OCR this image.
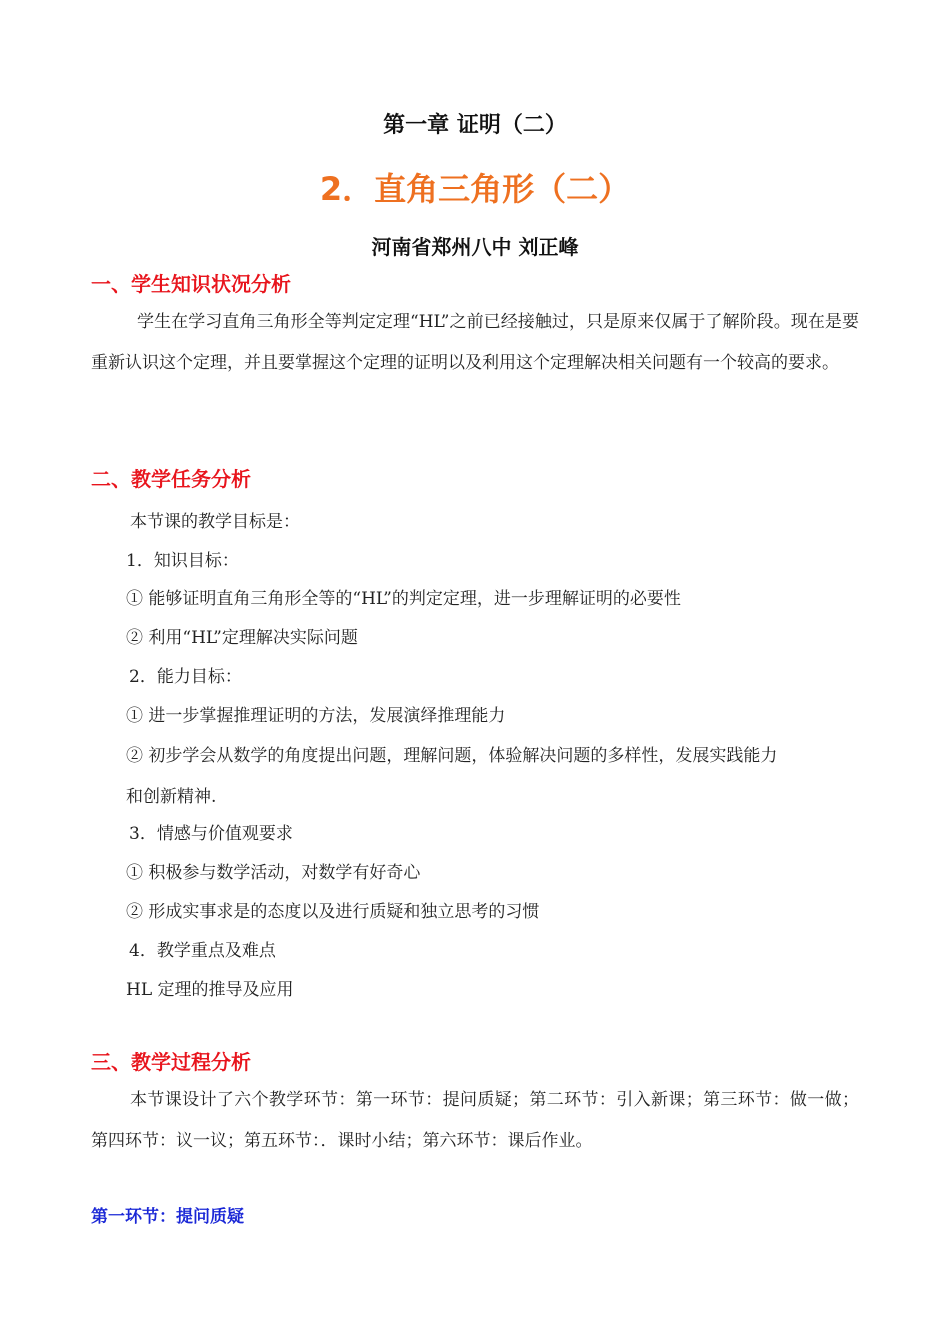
第一章 证明（二）
2．直角三角形（二）
河南省郑州八中 刘正峰
一、学生知识状况分析
学生在学习直角三角形全等判定定理“HL”之前已经接触过，只是原来仅属于了解阶段。现在是要重新认识这个定理，并且要掌握这个定理的证明以及利用这个定理解决相关问题有一个较高的要求。
二、教学任务分析
本节课的教学目标是：
1．知识目标：
① 能够证明直角三角形全等的“HL”的判定定理，进一步理解证明的必要性
② 利用“HL”定理解决实际问题
2．能力目标：
① 进一步掌握推理证明的方法，发展演绎推理能力
② 初步学会从数学的角度提出问题，理解问题，体验解决问题的多样性，发展实践能力
和创新精神.
3．情感与价值观要求
① 积极参与数学活动，对数学有好奇心
② 形成实事求是的态度以及进行质疑和独立思考的习惯
4．教学重点及难点
HL 定理的推导及应用
三、教学过程分析
本节课设计了六个教学环节：第一环节：提问质疑；第二环节：引入新课；第三环节：做一做；第四环节：议一议；第五环节：．课时小结；第六环节：课后作业。
第一环节：提问质疑
